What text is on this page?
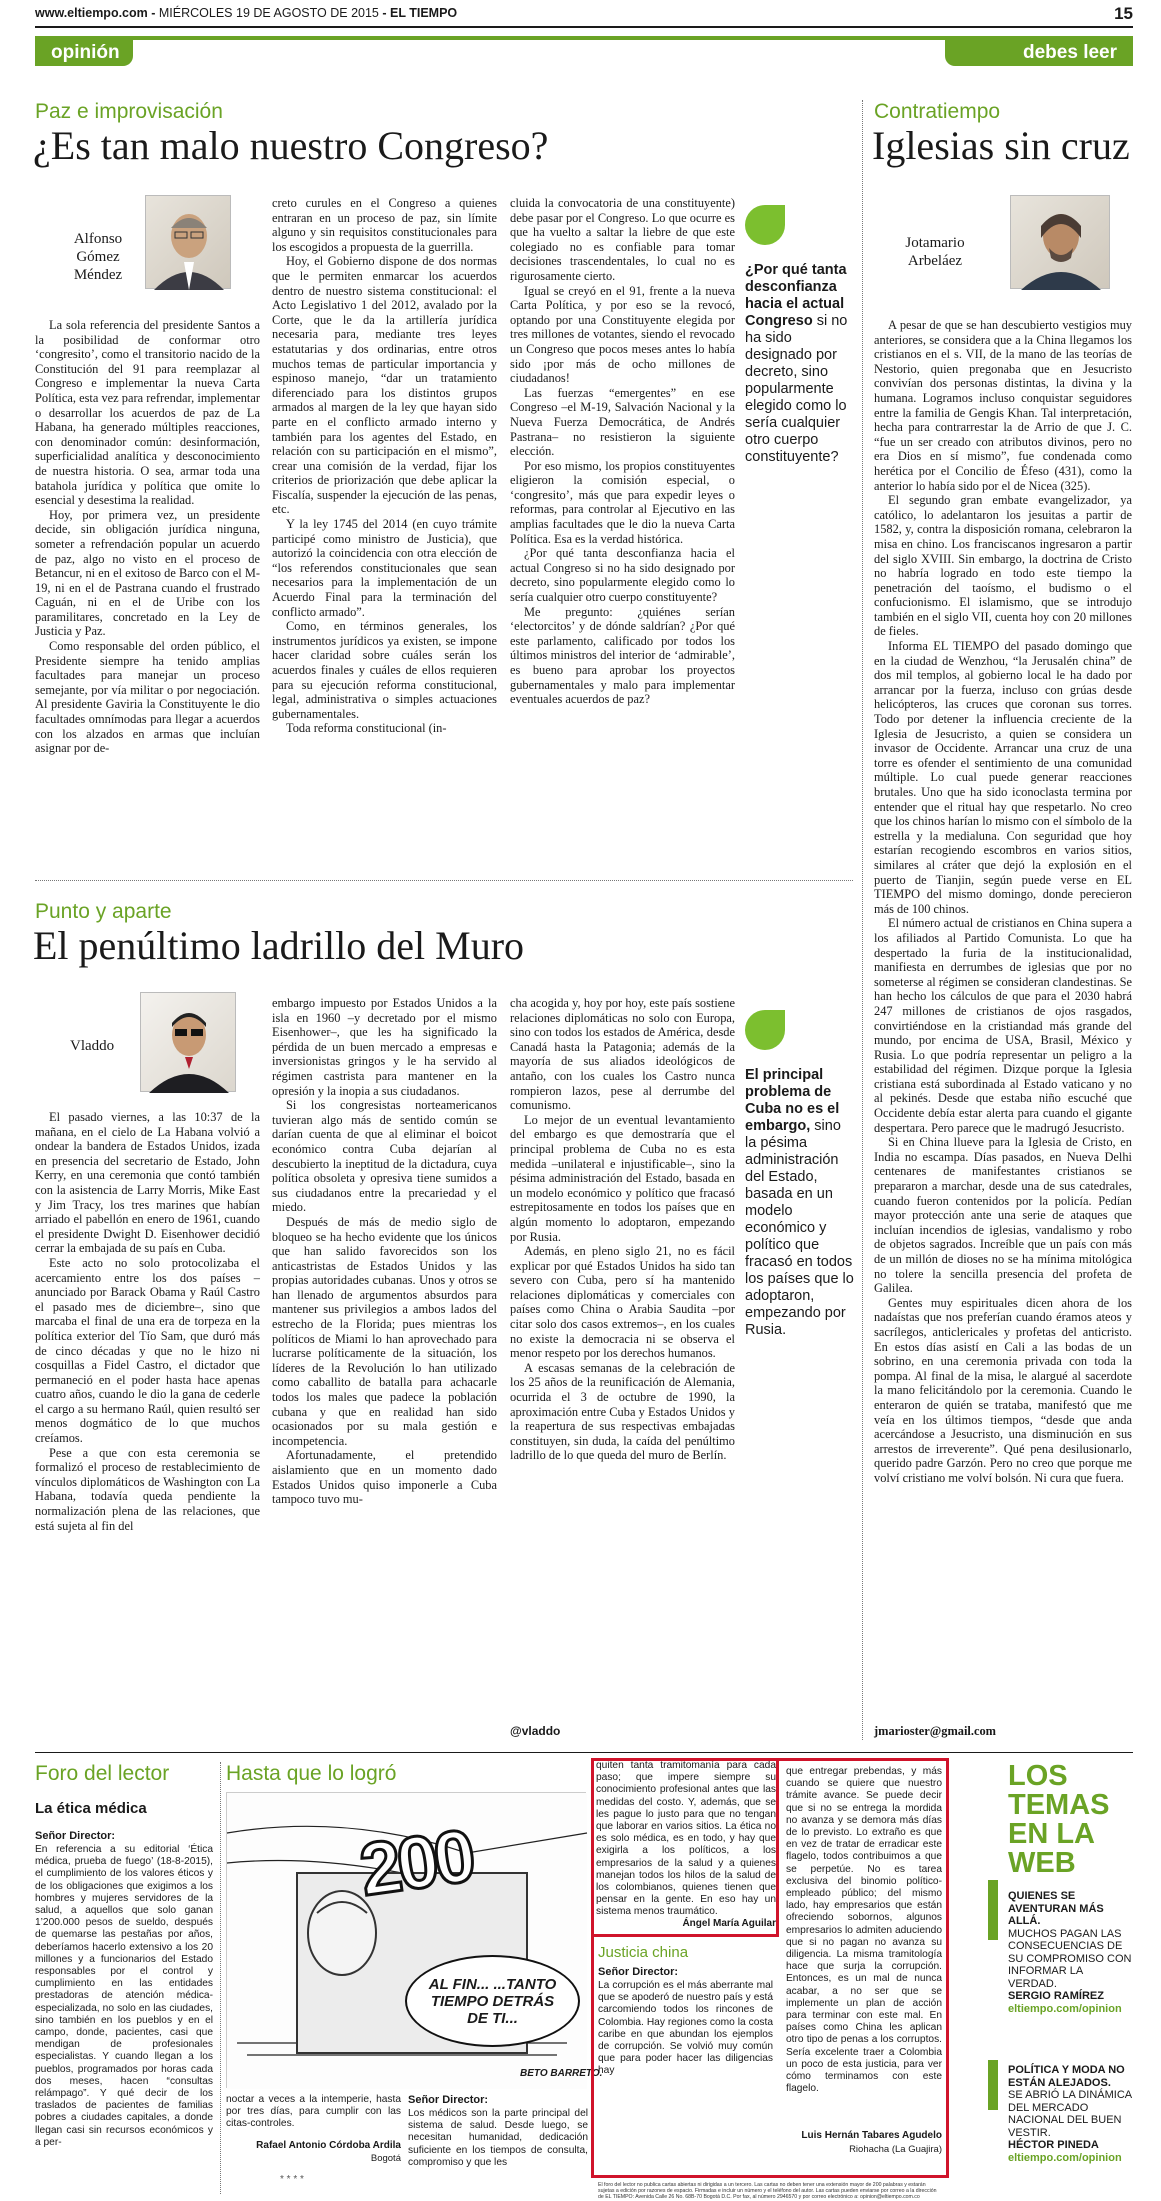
www.eltiempo.com - MIÉRCOLES 19 DE AGOSTO DE 2015 - EL TIEMPO	15
opinión	debes leer
Paz e improvisación
¿Es tan malo nuestro Congreso?
Alfonso
Gómez
Méndez

La sola referencia del presidente Santos a la posibilidad de conformar otro ‘congresito’, como el transitorio nacido de la Constitución del 91 para reemplazar al Congreso e implementar la nueva Carta Política, esta vez para refrendar, implementar o desarrollar los acuerdos de paz de La Habana, ha generado múltiples reacciones, con denominador común: desinformación, superficialidad analítica y desconocimiento de nuestra historia. O sea, armar toda una batahola jurídica y política que omite lo esencial y desestima la realidad.

Hoy, por primera vez, un presidente decide, sin obligación jurídica ninguna, someter a refrendación popular un acuerdo de paz, algo no visto en el proceso de Betancur, ni en el exitoso de Barco con el M-19, ni en el de Pastrana cuando el frustrado Caguán, ni en el de Uribe con los paramilitares, concretado en la Ley de Justicia y Paz.

Como responsable del orden público, el Presidente siempre ha tenido amplias facultades para manejar un proceso semejante, por vía militar o por negociación. Al presidente Gaviria la Constituyente le dio facultades omnímodas para llegar a acuerdos con los alzados en armas que incluían asignar por de-

creto curules en el Congreso a quienes entraran en un proceso de paz, sin límite alguno y sin requisitos constitucionales para los escogidos a propuesta de la guerrilla.

Hoy, el Gobierno dispone de dos normas que le permiten enmarcar los acuerdos dentro de nuestro sistema constitucional: el Acto Legislativo 1 del 2012, avalado por la Corte, que le da la artillería jurídica necesaria para, mediante tres leyes estatutarias y dos ordinarias, entre otros muchos temas de particular importancia y espinoso manejo, “dar un tratamiento diferenciado para los distintos grupos armados al margen de la ley que hayan sido parte en el conflicto armado interno y también para los agentes del Estado, en relación con su participación en el mismo”, crear una comisión de la verdad, fijar los criterios de priorización que debe aplicar la Fiscalía, suspender la ejecución de las penas, etc.

Y la ley 1745 del 2014 (en cuyo trámite participé como ministro de Justicia), que autorizó la coincidencia con otra elección de “los referendos constitucionales que sean necesarios para la implementación de un Acuerdo Final para la terminación del conflicto armado”.

Como, en términos generales, los instrumentos jurídicos ya existen, se impone hacer claridad sobre cuáles serán los acuerdos finales y cuáles de ellos requieren para su ejecución reforma constitucional, legal, administrativa o simples actuaciones gubernamentales.

Toda reforma constitucional (in-

cluida la convocatoria de una constituyente) debe pasar por el Congreso. Lo que ocurre es que ha vuelto a saltar la liebre de que este colegiado no es confiable para tomar decisiones trascendentales, lo cual no es rigurosamente cierto.

Igual se creyó en el 91, frente a la nueva Carta Política, y por eso se la revocó, optando por una Constituyente elegida por tres millones de votantes, siendo el revocado un Congreso que pocos meses antes lo había sido ¡por más de ocho millones de ciudadanos!

Las fuerzas “emergentes” en ese Congreso –el M-19, Salvación Nacional y la Nueva Fuerza Democrática, de Andrés Pastrana– no resistieron la siguiente elección.

Por eso mismo, los propios constituyentes eligieron la comisión especial, o ‘congresito’, más que para expedir leyes o reformas, para controlar al Ejecutivo en las amplias facultades que le dio la nueva Carta Política. Esa es la verdad histórica.

¿Por qué tanta desconfianza hacia el actual Congreso si no ha sido designado por decreto, sino popularmente elegido como lo sería cualquier otro cuerpo constituyente?

Me pregunto: ¿quiénes serían ‘electorcitos’ y de dónde saldrían? ¿Por qué este parlamento, calificado por todos los últimos ministros del interior de ‘admirable’, es bueno para aprobar los proyectos gubernamentales y malo para implementar eventuales acuerdos de paz?

¿Por qué tanta desconfianza hacia el actual Congreso si no ha sido designado por decreto, sino popularmente elegido como lo sería cualquier otro cuerpo constituyente?
Contratiempo
Iglesias sin cruz
Jotamario
Arbeláez

A pesar de que se han descubierto vestigios muy anteriores, se considera que a la China llegamos los cristianos en el s. VII, de la mano de las teorías de Nestorio, quien pregonaba que en Jesucristo convivían dos personas distintas, la divina y la humana. Logramos incluso conquistar seguidores entre la familia de Gengis Khan. Tal interpretación, hecha para contrarrestar la de Arrio de que J. C. “fue un ser creado con atributos divinos, pero no era Dios en sí mismo”, fue condenada como herética por el Concilio de Éfeso (431), como la anterior lo había sido por el de Nicea (325).

El segundo gran embate evangelizador, ya católico, lo adelantaron los jesuitas a partir de 1582, y, contra la disposición romana, celebraron la misa en chino. Los franciscanos ingresaron a partir del siglo XVIII. Sin embargo, la doctrina de Cristo no habría logrado en todo este tiempo la penetración del taoísmo, el budismo o el confucionismo. El islamismo, que se introdujo también en el siglo VII, cuenta hoy con 20 millones de fieles.

Informa EL TIEMPO del pasado domingo que en la ciudad de Wenzhou, “la Jerusalén china” de dos mil templos, al gobierno local le ha dado por arrancar por la fuerza, incluso con grúas desde helicópteros, las cruces que coronan sus torres. Todo por detener la influencia creciente de la Iglesia de Jesucristo, a quien se considera un invasor de Occidente. Arrancar una cruz de una torre es ofender el sentimiento de una comunidad múltiple. Lo cual puede generar reacciones brutales. Uno que ha sido iconoclasta termina por entender que el ritual hay que respetarlo. No creo que los chinos harían lo mismo con el símbolo de la estrella y la medialuna. Con seguridad que hoy estarían recogiendo escombros en varios sitios, similares al cráter que dejó la explosión en el puerto de Tianjin, según puede verse en EL TIEMPO del mismo domingo, donde perecieron más de 100 chinos.

El número actual de cristianos en China supera a los afiliados al Partido Comunista. Lo que ha despertado la furia de la institucionalidad, manifiesta en derrumbes de iglesias que por no someterse al régimen se consideran clandestinas. Se han hecho los cálculos de que para el 2030 habrá 247 millones de cristianos de ojos rasgados, convirtiéndose en la cristiandad más grande del mundo, por encima de USA, Brasil, México y Rusia. Lo que podría representar un peligro a la estabilidad del régimen. Dizque porque la Iglesia cristiana está subordinada al Estado vaticano y no al pekinés. Desde que estaba niño escuché que Occidente debía estar alerta para cuando el gigante despertara. Pero parece que le madrugó Jesucristo.

Si en China llueve para la Iglesia de Cristo, en India no escampa. Días pasados, en Nueva Delhi centenares de manifestantes cristianos se prepararon a marchar, desde una de sus catedrales, cuando fueron contenidos por la policía. Pedían mayor protección ante una serie de ataques que incluían incendios de iglesias, vandalismo y robo de objetos sagrados. Increíble que un país con más de un millón de dioses no se ha mínima mitológica no tolere la sencilla presencia del profeta de Galilea.

Gentes muy espirituales dicen ahora de los nadaístas que nos preferían cuando éramos ateos y sacrílegos, anticlericales y profetas del anticristo. En estos días asistí en Cali a las bodas de un sobrino, en una ceremonia privada con toda la pompa. Al final de la misa, le alargué al sacerdote la mano felicitándolo por la ceremonia. Cuando le enteraron de quién se trataba, manifestó que me veía en los últimos tiempos, “desde que anda acercándose a Jesucristo, una disminución en sus arrestos de irreverente”. Qué pena desilusionarlo, querido padre Garzón. Pero no creo que porque me volví cristiano me volví bolsón. Ni cura que fuera.

jmarioster@gmail.com
Punto y aparte
El penúltimo ladrillo del Muro
Vladdo

El pasado viernes, a las 10:37 de la mañana, en el cielo de La Habana volvió a ondear la bandera de Estados Unidos, izada en presencia del secretario de Estado, John Kerry, en una ceremonia que contó también con la asistencia de Larry Morris, Mike East y Jim Tracy, los tres marines que habían arriado el pabellón en enero de 1961, cuando el presidente Dwight D. Eisenhower decidió cerrar la embajada de su país en Cuba.

Este acto no solo protocolizaba el acercamiento entre los dos países –anunciado por Barack Obama y Raúl Castro el pasado mes de diciembre–, sino que marcaba el final de una era de torpeza en la política exterior del Tío Sam, que duró más de cinco décadas y que no le hizo ni cosquillas a Fidel Castro, el dictador que permaneció en el poder hasta hace apenas cuatro años, cuando le dio la gana de cederle el cargo a su hermano Raúl, quien resultó ser menos dogmático de lo que muchos creíamos.

Pese a que con esta ceremonia se formalizó el proceso de restablecimiento de vínculos diplomáticos de Washington con La Habana, todavía queda pendiente la normalización plena de las relaciones, que está sujeta al fin del

embargo impuesto por Estados Unidos a la isla en 1960 –y decretado por el mismo Eisenhower–, que les ha significado la pérdida de un buen mercado a empresas e inversionistas gringos y le ha servido al régimen castrista para mantener en la opresión y la inopia a sus ciudadanos.

Si los congresistas norteamericanos tuvieran algo más de sentido común se darían cuenta de que al eliminar el boicot económico contra Cuba dejarían al descubierto la ineptitud de la dictadura, cuya política obsoleta y opresiva tiene sumidos a sus ciudadanos entre la precariedad y el miedo.

Después de más de medio siglo de bloqueo se ha hecho evidente que los únicos que han salido favorecidos son los anticastristas de Estados Unidos y las propias autoridades cubanas. Unos y otros se han llenado de argumentos absurdos para mantener sus privilegios a ambos lados del estrecho de la Florida; pues mientras los políticos de Miami lo han aprovechado para lucrarse políticamente de la situación, los líderes de la Revolución lo han utilizado como caballito de batalla para achacarle todos los males que padece la población cubana y que en realidad han sido ocasionados por su mala gestión e incompetencia.

Afortunadamente, el pretendido aislamiento que en un momento dado Estados Unidos quiso imponerle a Cuba tampoco tuvo mu-

cha acogida y, hoy por hoy, este país sostiene relaciones diplomáticas no solo con Europa, sino con todos los estados de América, desde Canadá hasta la Patagonia; además de la mayoría de sus aliados ideológicos de antaño, con los cuales los Castro nunca rompieron lazos, pese al derrumbe del comunismo.

Lo mejor de un eventual levantamiento del embargo es que demostraría que el principal problema de Cuba no es esta medida –unilateral e injustificable–, sino la pésima administración del Estado, basada en un modelo económico y político que fracasó estrepitosamente en todos los países que en algún momento lo adoptaron, empezando por Rusia.

Además, en pleno siglo 21, no es fácil explicar por qué Estados Unidos ha sido tan severo con Cuba, pero sí ha mantenido relaciones diplomáticas y comerciales con países como China o Arabia Saudita –por citar solo dos casos extremos–, en los cuales no existe la democracia ni se observa el menor respeto por los derechos humanos.

A escasas semanas de la celebración de los 25 años de la reunificación de Alemania, ocurrida el 3 de octubre de 1990, la aproximación entre Cuba y Estados Unidos y la reapertura de sus respectivas embajadas constituyen, sin duda, la caída del penúltimo ladrillo de lo que queda del muro de Berlín.

@vladdo
El principal problema de Cuba no es el embargo, sino la pésima administración del Estado, basada en un modelo económico y político que fracasó en todos los países que lo adoptaron, empezando por Rusia.
Foro del lector
La ética médica
Señor Director:
En referencia a su editorial ‘Ética médica, prueba de fuego’ (18-8-2015), el cumplimiento de los valores éticos y de los obligaciones que exigimos a los hombres y mujeres servidores de la salud, a aquellos que solo ganan 1’200.000 pesos de sueldo, después de quemarse las pestañas por años, deberíamos hacerlo extensivo a los 20 millones y a funcionarios del Estado responsables por el control y cumplimiento en las entidades prestadoras de atención médica-especializada, no solo en las ciudades, sino también en los pueblos y en el campo, donde, pacientes, casi que mendigan de profesionales especialistas. Y cuando llegan a los pueblos, programados por horas cada dos meses, hacen “consultas relámpago”. Y qué decir de los traslados de pacientes de familias pobres a ciudades capitales, a donde llegan casi sin recursos económicos y a per-
Hasta que lo logró
200
AL FIN... ...TANTO TIEMPO DETRÁS DE TI...
BETO BARRETO.
noctar a veces a la intemperie, hasta por tres días, para cumplir con las citas-controles.
Rafael Antonio Córdoba Ardila
Bogotá
* * * *
Señor Director:
Los médicos son la parte principal del sistema de salud. Desde luego, se necesitan humanidad, dedicación suficiente en los tiempos de consulta, compromiso y que les
quiten tanta tramitomanía para cada paso; que impere siempre su conocimiento profesional antes que las medidas del costo. Y, además, que se les pague lo justo para que no tengan que laborar en varios sitios. La ética no es solo médica, es en todo, y hay que exigirla a los políticos, a los empresarios de la salud y a quienes manejan todos los hilos de la salud de los colombianos, quienes tienen que pensar en la gente. En eso hay un sistema menos traumático.
Ángel María Aguilar
Justicia china
Señor Director:
La corrupción es el más aberrante mal que se apoderó de nuestro país y está carcomiendo todos los rincones de Colombia. Hay regiones como la costa caribe en que abundan los ejemplos de corrupción. Se volvió muy común que para poder hacer las diligencias hay
que entregar prebendas, y más cuando se quiere que nuestro trámite avance. Se puede decir que si no se entrega la mordida no avanza y se demora más días de lo previsto. Lo extraño es que en vez de tratar de erradicar este flagelo, todos contribuimos a que se perpetúe. No es tarea exclusiva del binomio político-empleado público; del mismo lado, hay empresarios que están ofreciendo sobornos, algunos empresarios lo admiten aduciendo que si no pagan no avanza su diligencia. La misma tramitología hace que surja la corrupción. Entonces, es un mal de nunca acabar, a no ser que se implemente un plan de acción para terminar con este mal. En países como China les aplican otro tipo de penas a los corruptos. Sería excelente traer a Colombia un poco de esta justicia, para ver cómo terminamos con este flagelo.
Luis Hernán Tabares Agudelo
Riohacha (La Guajira)
El foro del lector no publica cartas abiertas ni dirigidas a un tercero. Las cartas no deben tener una extensión mayor de 200 palabras y estarán sujetas a edición por razones de espacio. Firmadas e incluir un número y el teléfono del autor. Las cartas pueden enviarse por correo a la dirección de EL TIEMPO: Avenida Calle 26 No. 68B-70 Bogotá D.C. Por fax, al número 2946570 y por correo electrónico a: opinion@eltiempo.com.co
LOS
TEMAS
EN LA
WEB
QUIENES SE AVENTURAN MÁS ALLÁ.
MUCHOS PAGAN LAS CONSECUENCIAS DE SU COMPROMISO CON INFORMAR LA VERDAD.
SERGIO RAMÍREZ
eltiempo.com/opinion
POLÍTICA Y MODA NO ESTÁN ALEJADOS.
SE ABRIÓ LA DINÁMICA DEL MERCADO NACIONAL DEL BUEN VESTIR.
HÉCTOR PINEDA
eltiempo.com/opinion
